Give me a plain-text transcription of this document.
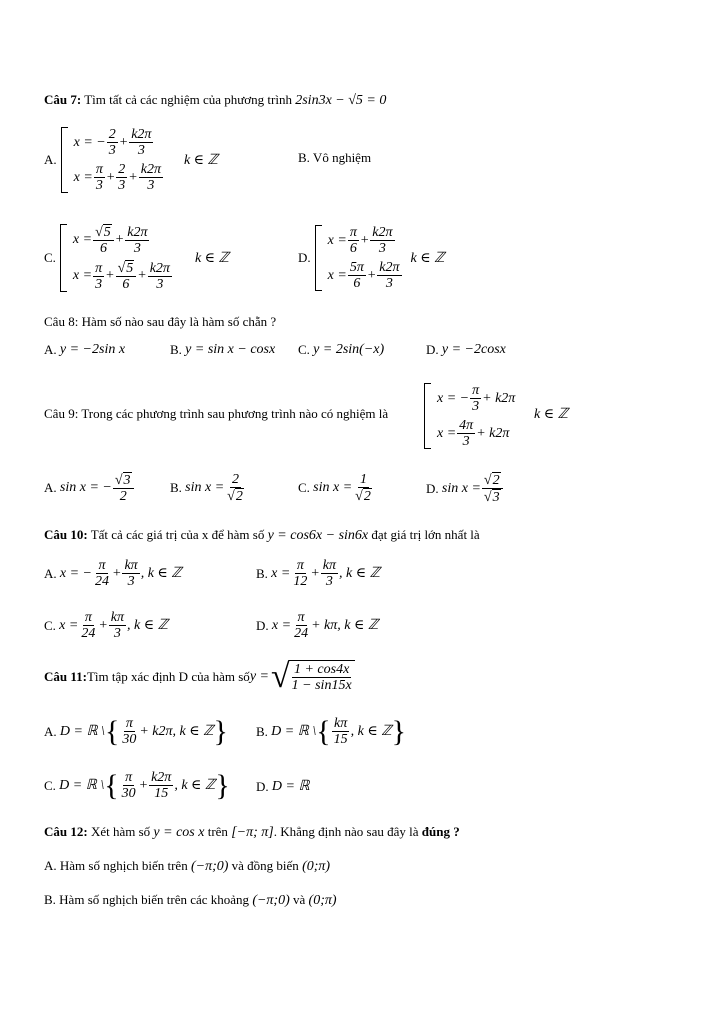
Câu 7: Tìm tất cả các nghiệm của phương trình 2sin3x − √5 = 0
A.
x = − $\frac{2}{3} + \frac{k2\pi}{3}$
$x = \frac{\pi}{3} + \frac{2}{3} + \frac{k2\pi}{3}$
k ∈ ℤ	B. Vô nghiệm
C.
$x = \frac{√5}{6} + \frac{k2\pi}{3}$
$x = \frac{\pi}{3} + \frac{√5}{6} + \frac{k2\pi}{3}$
k ∈ ℤ	D.
$x = \frac{\pi}{6} + \frac{k2\pi}{3}$
$x = \frac{5\pi}{6} + \frac{k2\pi}{3}$
k ∈ ℤ
Câu 8: Hàm số nào sau đây là hàm số chẵn ?
A.
y = −2sin x	B.
y = sin x − cosx C.
y = 2sin(−x)	D.
y = −2cosx
Câu 9: Trong các phương trình sau phương trình nào có nghiệm là
x = − $\frac{\pi}{3} + k2\pi$
$x = \frac{4\pi}{3} + k2\pi$
k ∈ ℤ
A.
sin x = − $\frac{√3}{2}$	B.
$\sin x = \frac{2}{√2}$	C.
$\sin x = \frac{1}{√2}$	D.
$\sin x = \frac{√2}{√3}$
Câu 10: Tất cả các giá trị của x để hàm số y = cos6x − sin6x đạt giá trị lớn nhất là
A.
x = − $\frac{\pi}{24} + \frac{k\pi}{3}$ , k ∈ ℤ	B.
$x = \frac{\pi}{12} + \frac{k\pi}{3}$ , k ∈ ℤ
C.
$x = \frac{\pi}{24} + \frac{k\pi}{3}$ , k ∈ ℤ	D.
$x = \frac{\pi}{24} + k\pi$ , k ∈ ℤ
Câu 11: Tìm tập xác định D của hàm số y = √ $\frac{1 + \cos 4x}{1 - \sin 15x}$
A.
D = ℝ \ { $\frac{\pi}{30} + k2\pi$, k ∈ ℤ } B.
D = ℝ \ { $\frac{k\pi}{15}$ , k ∈ ℤ }
C.
D = ℝ \ { $\frac{\pi}{30} + \frac{k2\pi}{15}$ , k ∈ ℤ } D.
D = ℝ
Câu 12: Xét hàm số y = cos x trên [−π; π]. Khẳng định nào sau đây là đúng ?
A. Hàm số nghịch biến trên (−π;0) và đồng biến (0;π)
B. Hàm số nghịch biến trên các khoảng (−π;0) và (0;π)
